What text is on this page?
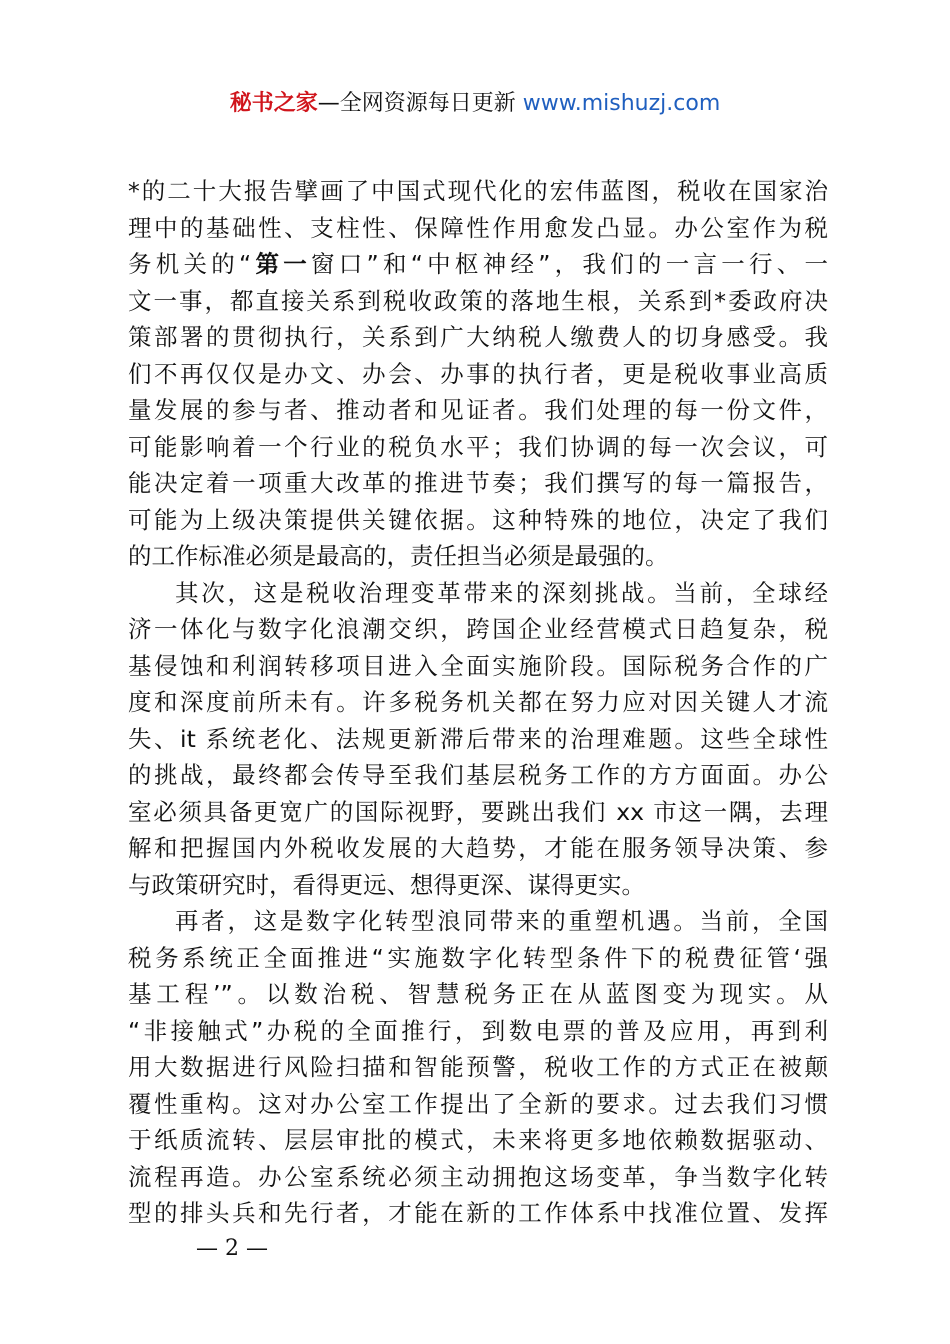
秘书之家—全网资源每日更新 www.mishuzj.com
*的二十大报告擘画了中国式现代化的宏伟蓝图，税收在国家治
理中的基础性、支柱性、保障性作用愈发凸显。办公室作为税
务机关的“第一窗口”和“中枢神经”，我们的一言一行、一
文一事，都直接关系到税收政策的落地生根，关系到*委政府决
策部署的贯彻执行，关系到广大纳税人缴费人的切身感受。我
们不再仅仅是办文、办会、办事的执行者，更是税收事业高质
量发展的参与者、推动者和见证者。我们处理的每一份文件，
可能影响着一个行业的税负水平；我们协调的每一次会议，可
能决定着一项重大改革的推进节奏；我们撰写的每一篇报告，
可能为上级决策提供关键依据。这种特殊的地位，决定了我们
的工作标准必须是最高的，责任担当必须是最强的。
其次，这是税收治理变革带来的深刻挑战。当前，全球经
济一体化与数字化浪潮交织，跨国企业经营模式日趋复杂，税
基侵蚀和利润转移项目进入全面实施阶段。国际税务合作的广
度和深度前所未有。许多税务机关都在努力应对因关键人才流
失、it 系统老化、法规更新滞后带来的治理难题。这些全球性
的挑战，最终都会传导至我们基层税务工作的方方面面。办公
室必须具备更宽广的国际视野，要跳出我们 xx 市这一隅，去理
解和把握国内外税收发展的大趋势，才能在服务领导决策、参
与政策研究时，看得更远、想得更深、谋得更实。
再者，这是数字化转型浪同带来的重塑机遇。当前，全国
税务系统正全面推进“实施数字化转型条件下的税费征管‘强
基工程’”。以数治税、智慧税务正在从蓝图变为现实。从
“非接触式”办税的全面推行，到数电票的普及应用，再到利
用大数据进行风险扫描和智能预警，税收工作的方式正在被颠
覆性重构。这对办公室工作提出了全新的要求。过去我们习惯
于纸质流转、层层审批的模式，未来将更多地依赖数据驱动、
流程再造。办公室系统必须主动拥抱这场变革，争当数字化转
型的排头兵和先行者，才能在新的工作体系中找准位置、发挥
— 2 —
